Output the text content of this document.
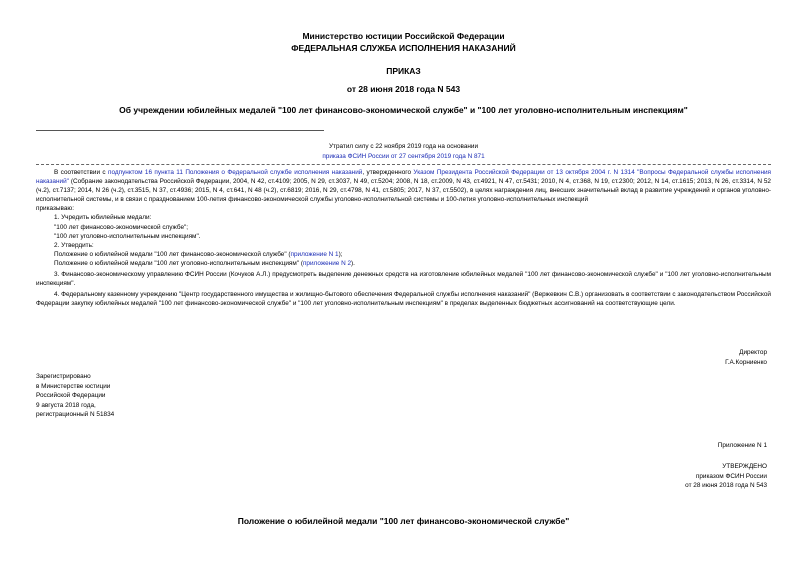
Министерство юстиции Российской Федерации
ФЕДЕРАЛЬНАЯ СЛУЖБА ИСПОЛНЕНИЯ НАКАЗАНИЙ
ПРИКАЗ
от 28 июня 2018 года N 543
Об учреждении юбилейных медалей "100 лет финансово-экономической службе" и "100 лет уголовно-исполнительным инспекциям"
Утратил силу с 22 ноября 2019 года на основании
приказа ФСИН России от 27 сентября 2019 года N 871

В соответствии с подпунктом 16 пункта 11 Положения о Федеральной службе исполнения наказаний, утвержденного Указом Президента Российской Федерации от 13 октября 2004 г. N 1314 "Вопросы Федеральной службы исполнения наказаний" (Собрание законодательства Российской Федерации, 2004, N 42, ст.4109; 2005, N 29, ст.3037, N 49, ст.5204; 2008, N 18, ст.2009, N 43, ст.4921, N 47, ст.5431; 2010, N 4, ст.368, N 19, ст.2300; 2012, N 14, ст.1615; 2013, N 26, ст.3314, N 52 (ч.2), ст.7137; 2014, N 26 (ч.2), ст.3515, N 37, ст.4936; 2015, N 4, ст.641, N 48 (ч.2), ст.6819; 2016, N 29, ст.4798, N 41, ст.5805; 2017, N 37, ст.5502), в целях награждения лиц, внесших значительный вклад в развитие учреждений и органов уголовно-исполнительной системы, и в связи с празднованием 100-летия финансово-экономической службы уголовно-исполнительной системы и 100-летия уголовно-исполнительных инспекций

приказываю:

1. Учредить юбилейные медали:

"100 лет финансово-экономической службе";

"100 лет уголовно-исполнительным инспекциям".

2. Утвердить:

Положение о юбилейной медали "100 лет финансово-экономической службе" (приложение N 1);

Положение о юбилейной медали "100 лет уголовно-исполнительным инспекциям" (приложение N 2).

3. Финансово-экономическому управлению ФСИН России (Кочуков А.Л.) предусмотреть выделение денежных средств на изготовление юбилейных медалей "100 лет финансово-экономической службе" и "100 лет уголовно-исполнительным инспекциям".

4. Федеральному казенному учреждению "Центр государственного имущества и жилищно-бытового обеспечения Федеральной службы исполнения наказаний" (Вержевкин С.В.) организовать в соответствии с законодательством Российской Федерации закупку юбилейных медалей "100 лет финансово-экономической службе" и "100 лет уголовно-исполнительным инспекциям" в пределах выделенных бюджетных ассигнований на соответствующие цели.

Директор
Г.А.Корниенко
Зарегистрировано
в Министерстве юстиции
Российской Федерации
9 августа 2018 года,
регистрационный N 51834
Приложение N 1
УТВЕРЖДЕНО
приказом ФСИН России
от 28 июня 2018 года N 543
Положение о юбилейной медали "100 лет финансово-экономической службе"
